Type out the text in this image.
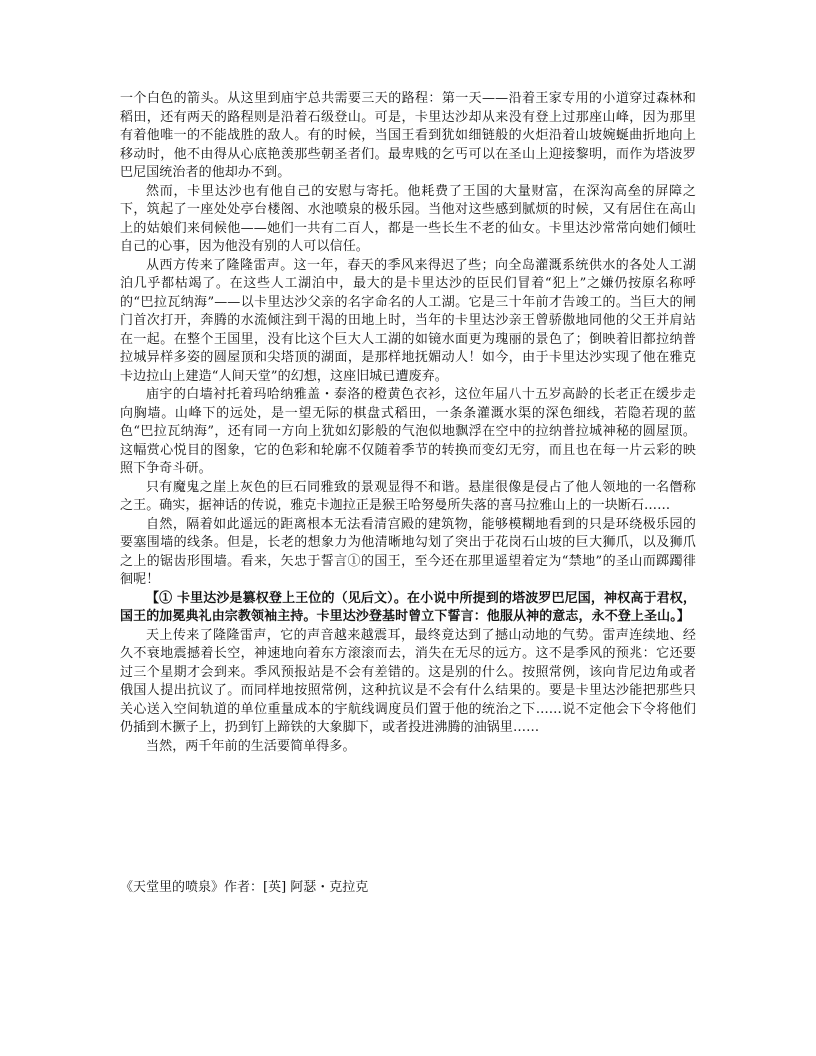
一个白色的箭头。从这里到庙宇总共需要三天的路程：第一天——沿着王家专用的小道穿过森林和稻田，还有两天的路程则是沿着石级登山。可是，卡里达沙却从来没有登上过那座山峰，因为那里有着他唯一的不能战胜的敌人。有的时候，当国王看到犹如细链般的火炬沿着山坡婉蜒曲折地向上移动时，他不由得从心底艳羡那些朝圣者们。最卑贱的乞丐可以在圣山上迎接黎明，而作为塔波罗巴尼国统治者的他却办不到。

然而，卡里达沙也有他自己的安慰与寄托。他耗费了王国的大量财富，在深沟高垒的屏障之下，筑起了一座处处亭台楼阁、水池喷泉的极乐园。当他对这些感到腻烦的时候，又有居住在高山上的姑娘们来伺候他——她们一共有二百人，都是一些长生不老的仙女。卡里达沙常常向她们倾吐自己的心事，因为他没有别的人可以信任。

从西方传来了隆隆雷声。这一年，春天的季风来得迟了些；向全岛灌溉系统供水的各处人工湖泊几乎都枯竭了。在这些人工湖泊中，最大的是卡里达沙的臣民们冒着“犯上”之嫌仍按原名称呼的“巴拉瓦纳海”——以卡里达沙父亲的名字命名的人工湖。它是三十年前才告竣工的。当巨大的闸门首次打开，奔腾的水流倾注到干渴的田地上时，当年的卡里达沙亲王曾骄傲地同他的父王并肩站在一起。在整个王国里，没有比这个巨大人工湖的如镜水面更为瑰丽的景色了；倒映着旧都拉纳普拉城异样多姿的圆屋顶和尖塔顶的湖面，是那样地抚媚动人！如今，由于卡里达沙实现了他在雅克卡边拉山上建造“人间天堂”的幻想，这座旧城已遭废弃。

庙宇的白墙衬托着玛哈纳雅盖・泰洛的橙黄色衣衫，这位年届八十五岁高龄的长老正在缓步走向胸墙。山峰下的远处，是一望无际的棋盘式稻田，一条条灌溉水渠的深色细线，若隐若现的蓝色“巴拉瓦纳海”，还有同一方向上犹如幻影般的气泡似地飘浮在空中的拉纳普拉城神秘的圆屋顶。这幅赏心悦目的图象，它的色彩和轮廓不仅随着季节的转换而变幻无穷，而且也在每一片云彩的映照下争奇斗研。

只有魔鬼之崖上灰色的巨石同雅致的景观显得不和谐。悬崖很像是侵占了他人领地的一名僭称之王。确实，据神话的传说，雅克卡迦拉正是猴王哈努曼所失落的喜马拉雅山上的一块断石……

自然，隔着如此遥远的距离根本无法看清宫殿的建筑物，能够模糊地看到的只是环绕极乐园的要塞围墙的线条。但是，长老的想象力为他清晰地勾划了突出于花岗石山坡的巨大狮爪，以及狮爪之上的锯齿形围墙。看来，矢忠于誓言①的国王，至今还在那里遥望着定为“禁地”的圣山而踯躅徘徊呢！

【① 卡里达沙是篡权登上王位的（见后文）。在小说中所提到的塔波罗巴尼国，神权高于君权，国王的加冕典礼由宗教领袖主持。卡里达沙登基时曾立下誓言：他服从神的意志，永不登上圣山。】

天上传来了隆隆雷声，它的声音越来越震耳，最终竟达到了撼山动地的气势。雷声连续地、经久不衰地震撼着长空，神速地向着东方滚滚而去，消失在无尽的远方。这不是季风的预兆：它还要过三个星期才会到来。季风预报站是不会有差错的。这是别的什么。按照常例，该向肯尼边角或者俄国人提出抗议了。而同样地按照常例，这种抗议是不会有什么结果的。要是卡里达沙能把那些只关心送入空间轨道的单位重量成本的宇航线调度员们置于他的统治之下……说不定他会下令将他们仍插到木撅子上，扔到钉上蹄铁的大象脚下，或者投进沸腾的油锅里……

当然，两千年前的生活要简单得多。

《天堂里的喷泉》作者：[英] 阿瑟・克拉克
